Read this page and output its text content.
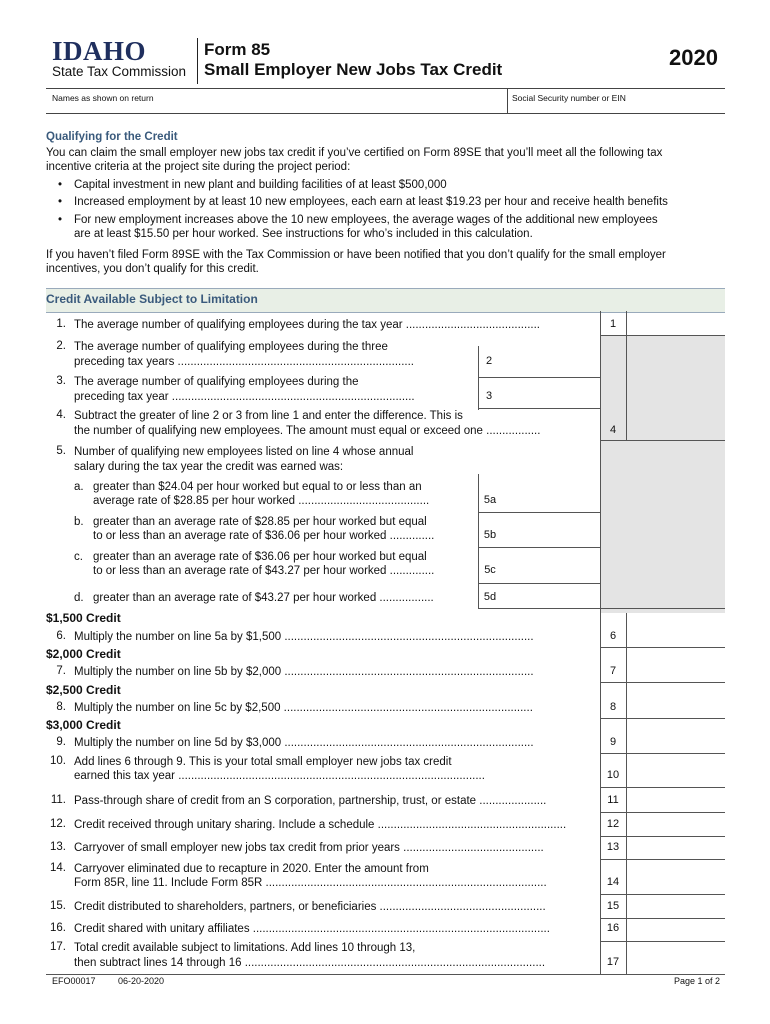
IDAHO
State Tax Commission
Form 85
Small Employer New Jobs Tax Credit	2020
Names as shown on return	Social Security number or EIN
Qualifying for the Credit
You can claim the small employer new jobs tax credit if you’ve certified on Form 89SE that you’ll meet all the following tax
incentive criteria at the project site during the project period:
• Capital investment in new plant and building facilities of at least $500,000
• Increased employment by at least 10 new employees, each earn at least $19.23 per hour and receive health benefits
• For new employment increases above the 10 new employees, the average wages of the additional new employees
are at least $15.50 per hour worked. See instructions for who’s included in this calculation.
If you haven’t filed Form 89SE with the Tax Commission or have been notified that you don’t qualify for the small employer
incentives, you don’t qualify for this credit.
Credit Available Subject to Limitation
1. The average number of qualifying employees during the tax year ..........................................	1
2. The average number of qualifying employees during the three
preceding tax years ..........................................................................	2
3. The average number of qualifying employees during the
preceding tax year ............................................................................	3
4. Subtract the greater of line 2 or 3 from line 1 and enter the difference. This is
the number of qualifying new employees. The amount must equal or exceed one .................	4
5. Number of qualifying new employees listed on line 4 whose annual
salary during the tax year the credit was earned was:
a. greater than $24.04 per hour worked but equal to or less than an
average rate of $28.85 per hour worked .........................................	5a
b. greater than an average rate of $28.85 per hour worked but equal
to or less than an average rate of $36.06 per hour worked ..............	5b
c. greater than an average rate of $36.06 per hour worked but equal
to or less than an average rate of $43.27 per hour worked ..............	5c
d. greater than an average rate of $43.27 per hour worked .................	5d
$1,500 Credit
6. Multiply the number on line 5a by $1,500 ..............................................................................	6
$2,000 Credit
7. Multiply the number on line 5b by $2,000 ..............................................................................	7
$2,500 Credit
8. Multiply the number on line 5c by $2,500 ..............................................................................	8
$3,000 Credit
9. Multiply the number on line 5d by $3,000 ..............................................................................	9
10. Add lines 6 through 9. This is your total small employer new jobs tax credit
earned this tax year ................................................................................................	10
11. Pass-through share of credit from an S corporation, partnership, trust, or estate .....................	11
12. Credit received through unitary sharing. Include a schedule ...........................................................	12
13. Carryover of small employer new jobs tax credit from prior years ............................................	13
14. Carryover eliminated due to recapture in 2020. Enter the amount from
Form 85R, line 11. Include Form 85R ........................................................................................	14
15. Credit distributed to shareholders, partners, or beneficiaries ....................................................	15
16. Credit shared with unitary affiliates .............................................................................................	16
17. Total credit available subject to limitations. Add lines 10 through 13,
then subtract lines 14 through 16 ..............................................................................................	17
EFO00017 06-20-2020	Page 1 of 2
